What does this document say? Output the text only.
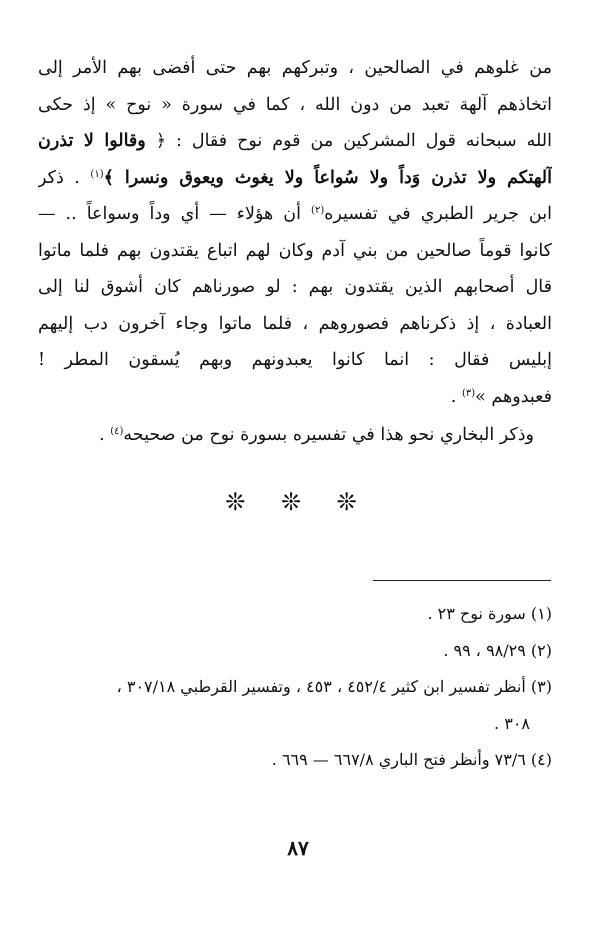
من غلوهم في الصالحين ، وتبركهم بهم حتى أفضى بهم الأمر إلى
اتخاذهم آلهة تعبد من دون الله ، كما في سورة « نوح » إذ حكى
الله سبحانه قول المشركين من قوم نوح فقال : ﴿ وقالوا لا تذرن
آلهتكم ولا تذرن وَداً ولا سُواعاً ولا يغوث ويعوق ونسرا ﴾$^{(١)}$ . ذكر
ابن جرير الطبري في تفسيره$^{(٢)}$ أن هؤلاء — أي وداً وسواعاً .. —
كانوا قوماً صالحين من بني آدم وكان لهم اتباع يقتدون بهم فلما ماتوا
قال أصحابهم الذين يقتدون بهم : لو صورناهم كان أشوق لنا إلى
العبادة ، إذ ذكرناهم فصوروهم ، فلما ماتوا وجاء آخرون دب إليهم
إبليس فقال : انما كانوا يعبدونهم وبهم يُسقون المطر !
فعبدوهم »$^{(٣)}$ .
وذكر البخاري نحو هذا في تفسيره بسورة نوح من صحيحه$^{(٤)}$ .
❊ ❊ ❊
(١) سورة نوح ٢٣ .
(٢) ٩٨/٢٩ ، ٩٩ .
(٣) أنظر تفسير ابن كثير ٤٥٢/٤ ، ٤٥٣ ، وتفسير القرطبي ٣٠٧/١٨ ،
٣٠٨ .
(٤) ٧٣/٦ وأنظر فتح الباري ٦٦٧/٨ — ٦٦٩ .
٨٧
